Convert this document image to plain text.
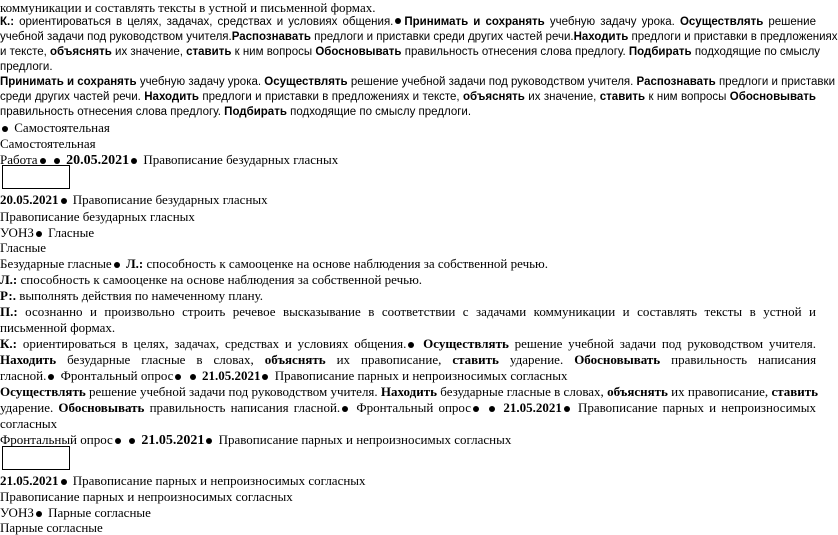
коммуникации и составлять тексты в устной и письменной формах.
К.: ориентироваться в целях, задачах, средствах и условиях общения. Принимать и сохранять учебную задачу урока. Осуществлять решение
учебной задачи под руководством учителя.Распознавать предлоги и приставки среди других частей речи.Находить предлоги и приставки в предложениях
и тексте, объяснять их значение, ставить к ним вопросы Обосновывать правильность отнесения слова предлогу. Подбирать подходящие по смыслу
предлоги.
Принимать и сохранять учебную задачу урока. Осуществлять решение учебной задачи под руководством учителя. Распознавать предлоги и приставки
среди других частей речи. Находить предлоги и приставки в предложениях и тексте, объяснять их значение, ставить к ним вопросы Обосновывать
правильность отнесения слова предлогу. Подбирать подходящие по смыслу предлоги.
Самостоятельная
Самостоятельная
Работа 20.05.2021 Правописание безударных гласных
20.05.2021 Правописание безударных гласных
Правописание безударных гласных
УОНЗ Гласные
Гласные
Безударные гласные Л.: способность к самооценке на основе наблюдения за собственной речью.
Л.: способность к самооценке на основе наблюдения за собственной речью.
Р:. выполнять действия по намеченному плану.
П.: осознанно и произвольно строить речевое высказывание в соответствии с задачами коммуникации и составлять тексты в устной и
письменной формах.
К.: ориентироваться в целях, задачах, средствах и условиях общения. Осуществлять решение учебной задачи под руководством учителя.
Находить безударные гласные в словах, объяснять их правописание, ставить ударение. Обосновывать правильность написания
гласной. Фронтальный опрос 21.05.2021 Правописание парных и непроизносимых согласных
Осуществлять решение учебной задачи под руководством учителя. Находить безударные гласные в словах, объяснять их правописание, ставить
ударение. Обосновывать правильность написания гласной. Фронтальный опрос 21.05.2021 Правописание парных и непроизносимых
согласных
Фронтальный опрос 21.05.2021 Правописание парных и непроизносимых согласных
21.05.2021 Правописание парных и непроизносимых согласных
Правописание парных и непроизносимых согласных
УОНЗ Парные согласные
Парные согласные
